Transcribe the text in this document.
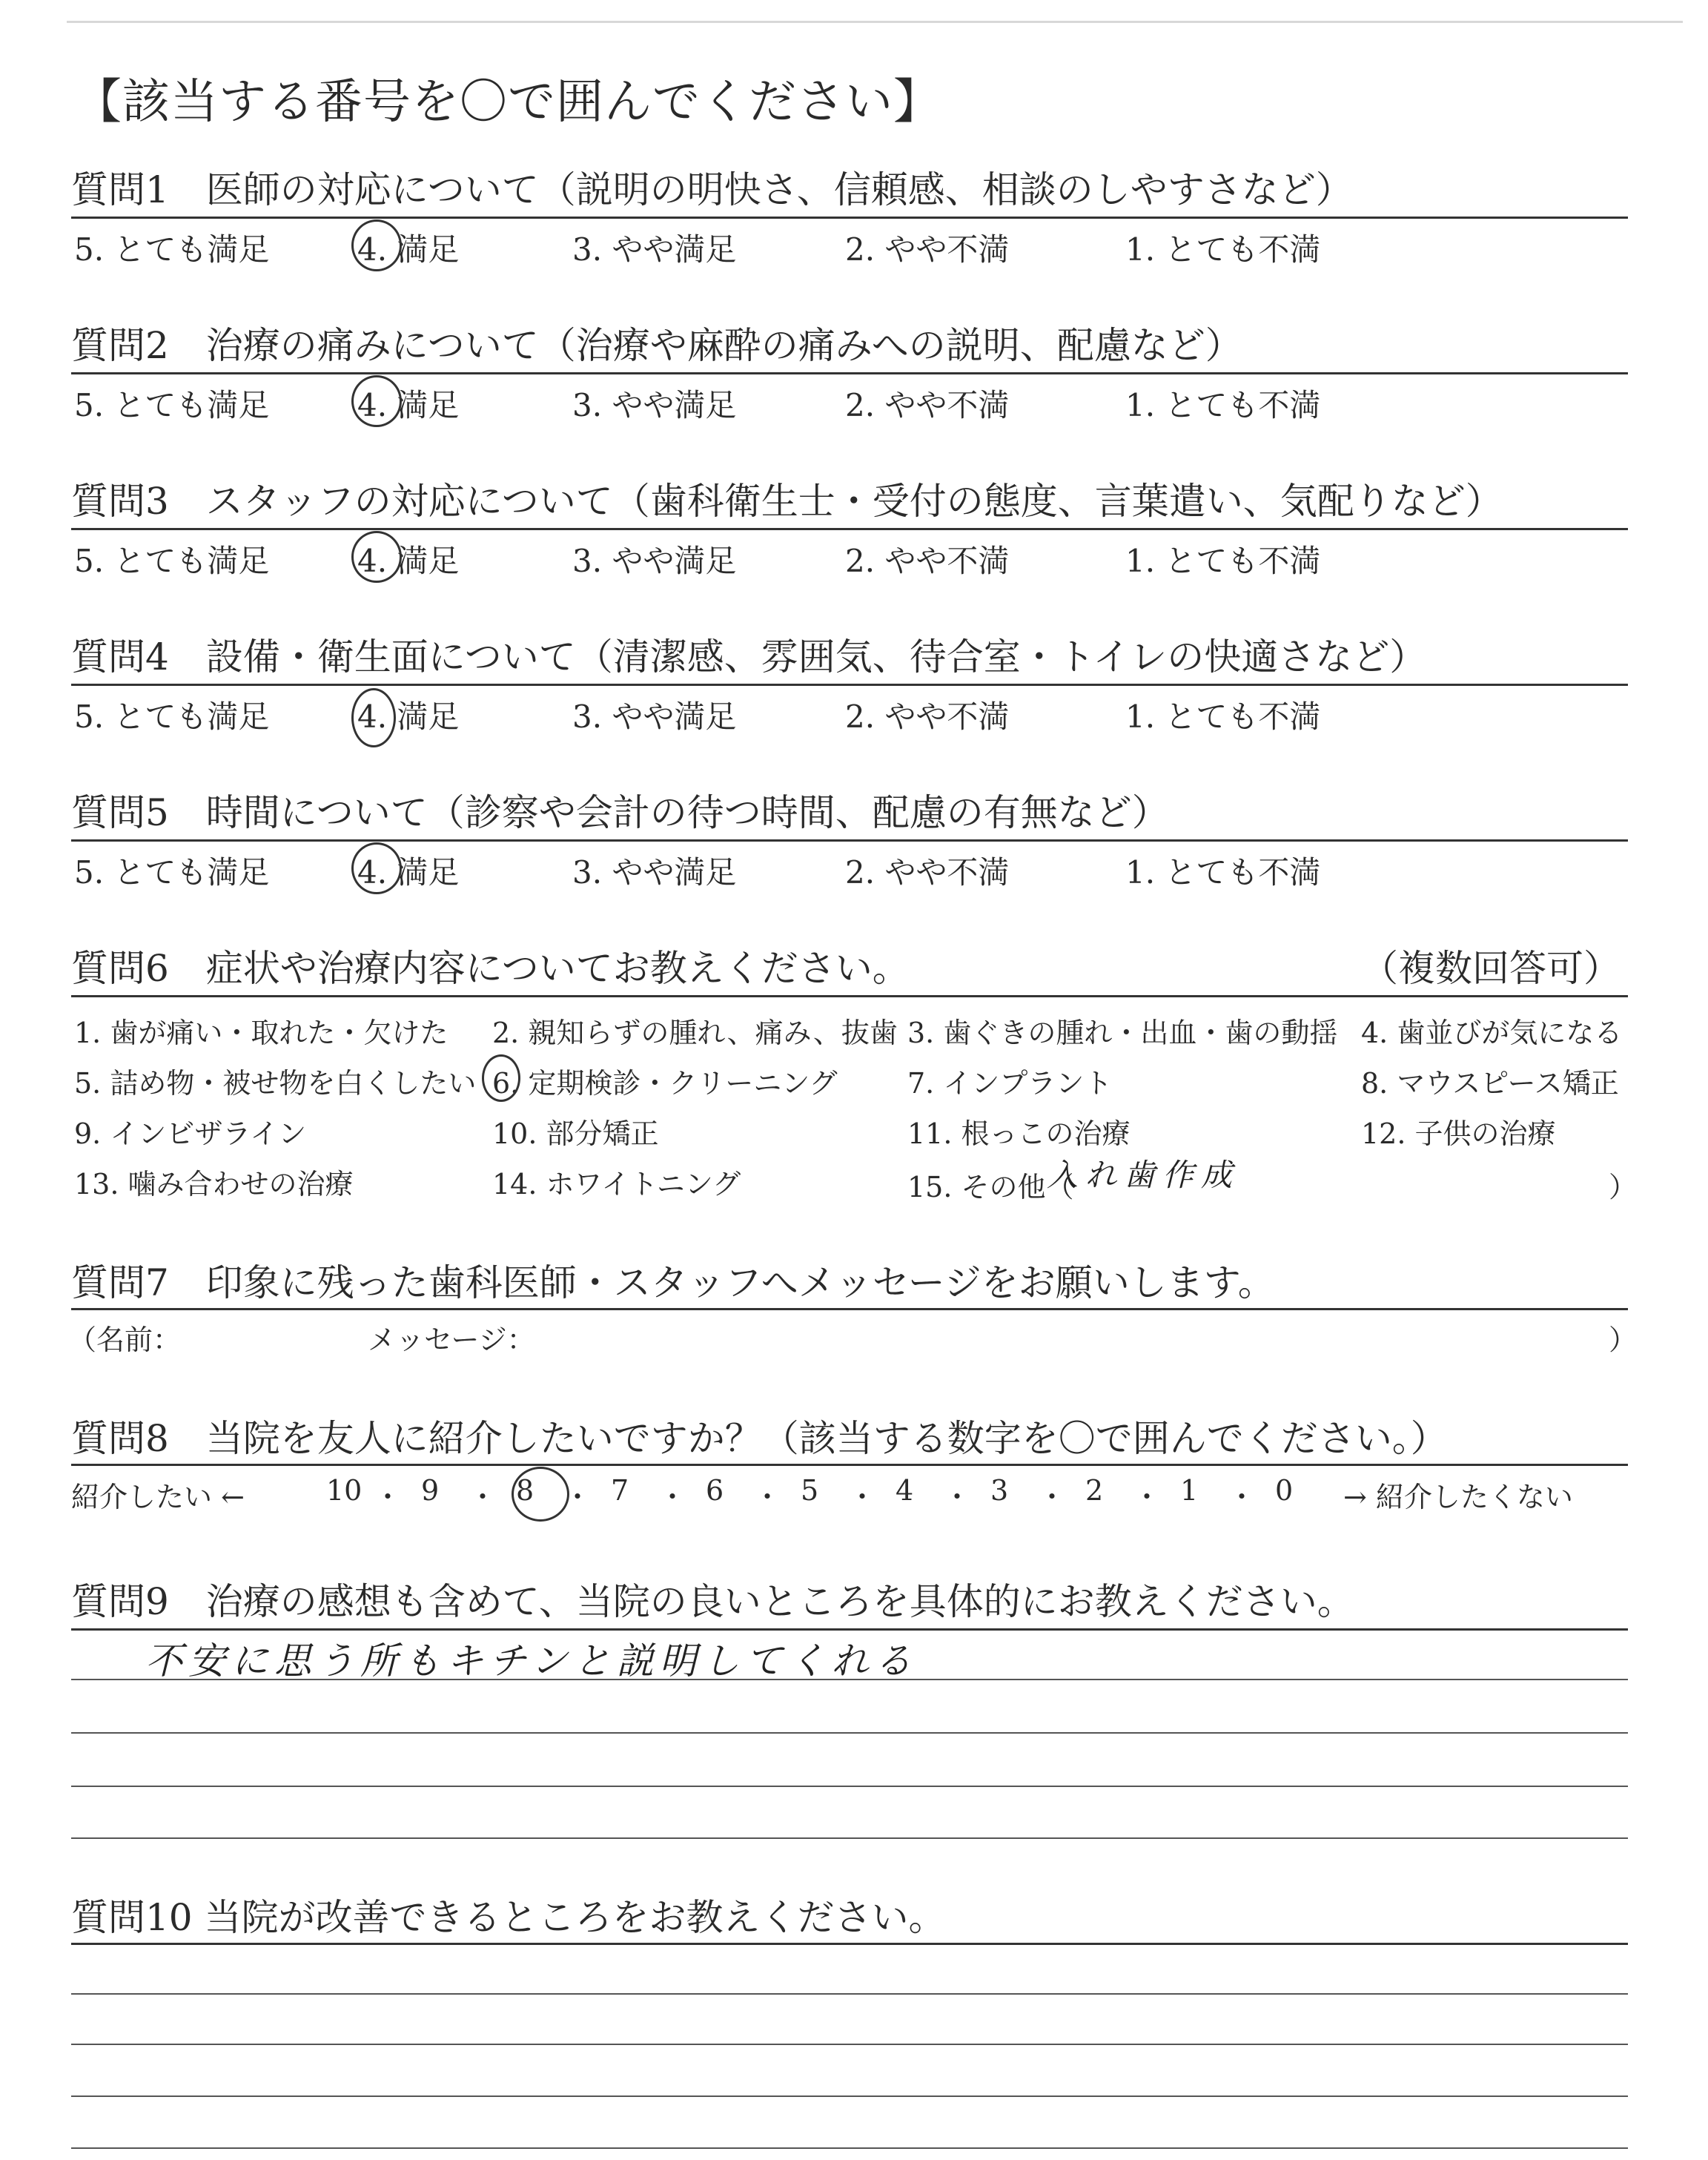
【該当する番号を〇で囲んでください】
質問1　医師の対応について（説明の明快さ、信頼感、相談のしやすさなど）
5. とても満足	4. 満足	3. やや満足	2. やや不満	1. とても不満
質問2　治療の痛みについて（治療や麻酔の痛みへの説明、配慮など）
5. とても満足	4. 満足	3. やや満足	2. やや不満	1. とても不満
質問3　スタッフの対応について（歯科衛生士・受付の態度、言葉遣い、気配りなど）
5. とても満足	4. 満足	3. やや満足	2. やや不満	1. とても不満
質問4　設備・衛生面について（清潔感、雰囲気、待合室・トイレの快適さなど）
5. とても満足	4. 満足	3. やや満足	2. やや不満	1. とても不満
質問5　時間について（診察や会計の待つ時間、配慮の有無など）
5. とても満足	4. 満足	3. やや満足	2. やや不満	1. とても不満
質問6　症状や治療内容についてお教えください。	（複数回答可）
1. 歯が痛い・取れた・欠けた 2. 親知らずの腫れ、痛み、抜歯 3. 歯ぐきの腫れ・出血・歯の動揺 4. 歯並びが気になる
5. 詰め物・被せ物を白くしたい 6. 定期検診・クリーニング 7. インプラント	8. マウスピース矯正
9. インビザライン	10. 部分矯正	11. 根っこの治療	12. 子供の治療
13. 噛み合わせの治療	14. ホワイトニング	15. その他（
入れ歯作成	）
質問7　印象に残った歯科医師・スタッフへメッセージをお願いします。
（名前：	メッセージ：	）
質問8　当院を友人に紹介したいですか？（該当する数字を〇で囲んでください。）
紹介したい ←	10 ・ 9 ・ 8 ・ 7 ・ 6 ・ 5 ・ 4 ・ 3 ・ 2 ・ 1 ・ 0 → 紹介したくない
質問9　治療の感想も含めて、当院の良いところを具体的にお教えください。
不安に思う所もキチンと説明してくれる
質問10 当院が改善できるところをお教えください。
